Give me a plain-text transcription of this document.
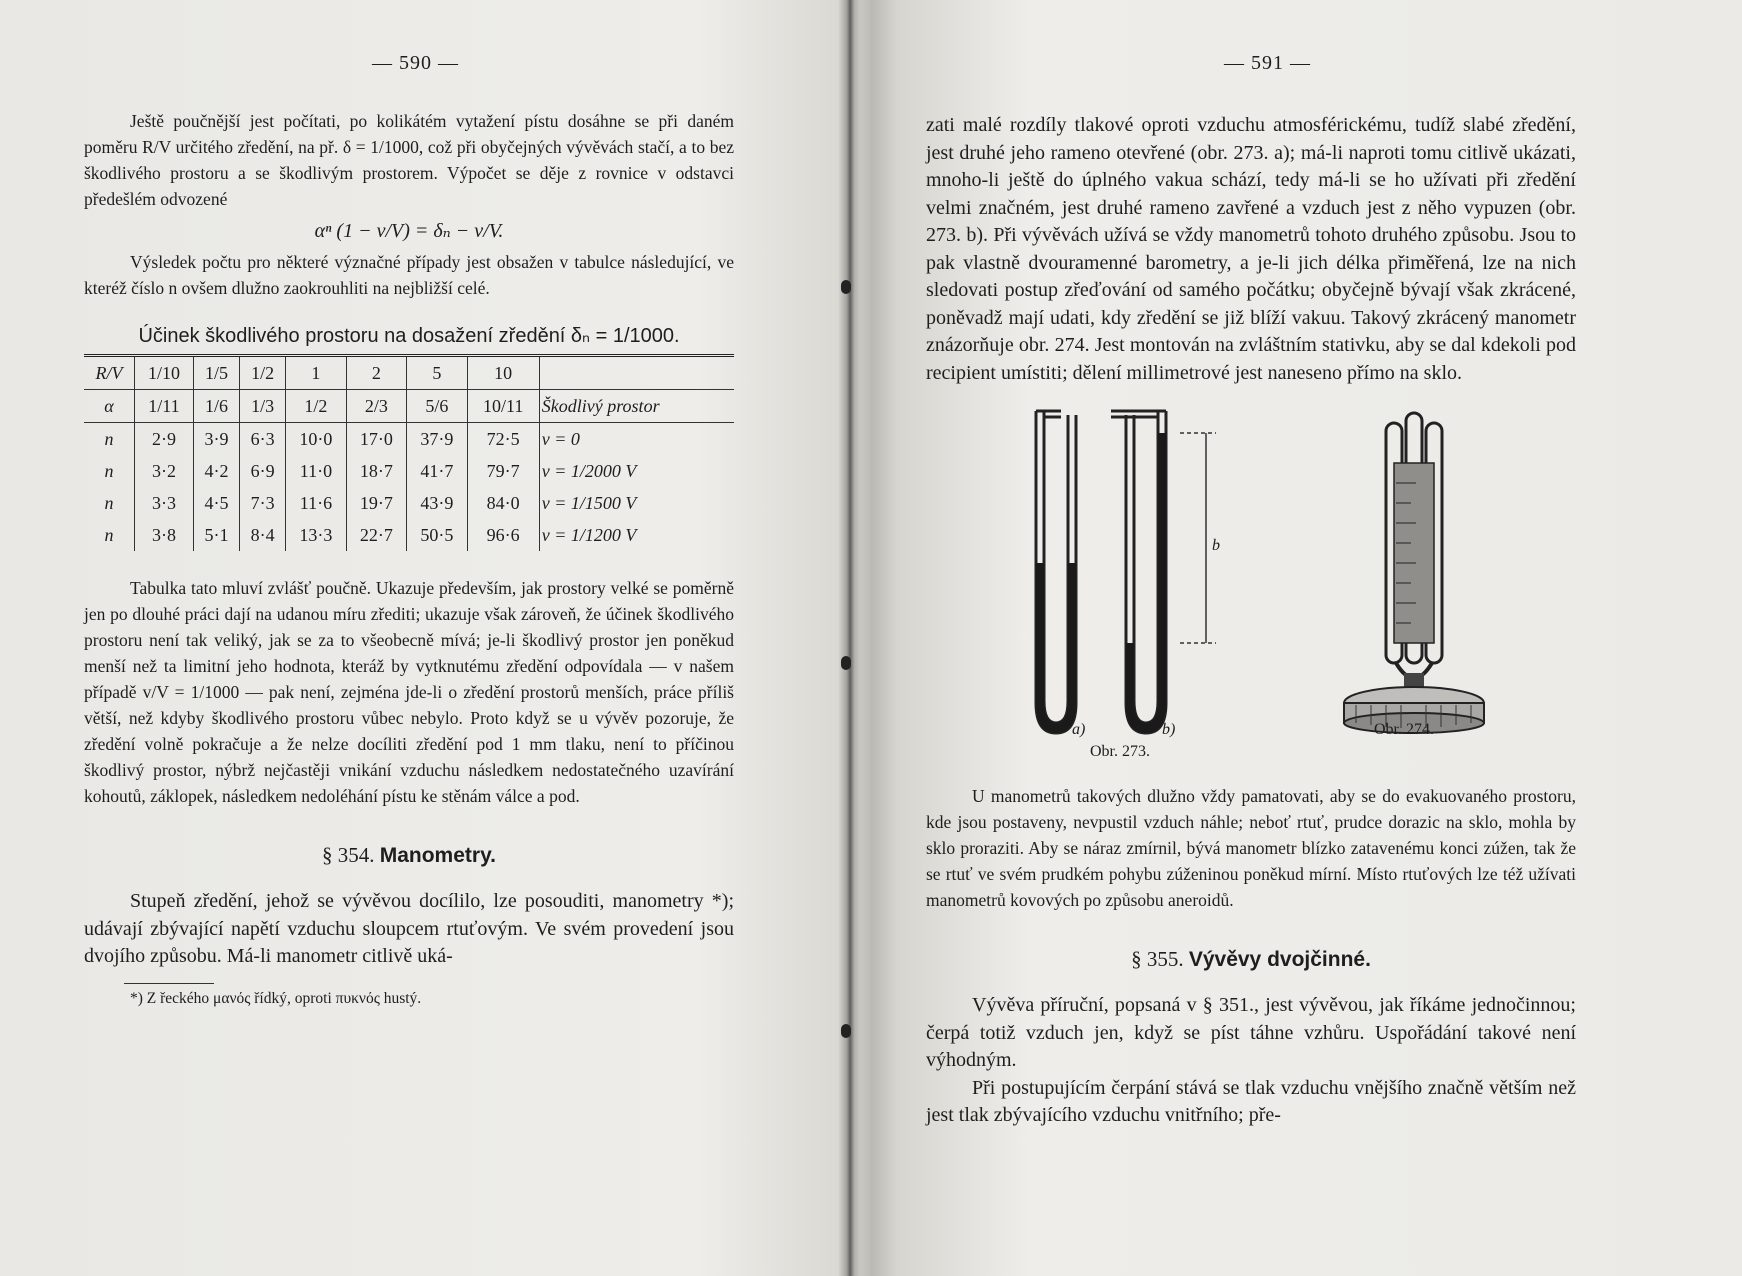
— 590 —

Ještě poučnější jest počítati, po kolikátém vytažení pístu dosáhne se při daném poměru R/V určitého zředění, na př. δ = 1/1000, což při obyčejných vývěvách stačí, a to bez škodlivého prostoru a se škodlivým prostorem. Výpočet se děje z rovnice v odstavci předešlém odvozené

αⁿ (1 − v/V) = δₙ − v/V.

Výsledek počtu pro některé význačné případy jest obsažen v tabulce následující, ve kteréž číslo n ovšem dlužno zaokrouhliti na nejbližší celé.

Účinek škodlivého prostoru na dosažení zředění δₙ = 1/1000.
R/V	1/10	1/5	1/2	1	2	5	10	
α	1/11	1/6	1/3	1/2	2/3	5/6	10/11	Škodlivý prostor
n	2·9	3·9	6·3	10·0	17·0	37·9	72·5	v = 0
n	3·2	4·2	6·9	11·0	18·7	41·7	79·7	v = 1/2000 V
n	3·3	4·5	7·3	11·6	19·7	43·9	84·0	v = 1/1500 V
n	3·8	5·1	8·4	13·3	22·7	50·5	96·6	v = 1/1200 V

Tabulka tato mluví zvlášť poučně. Ukazuje především, jak prostory velké se poměrně jen po dlouhé práci dají na udanou míru zřediti; ukazuje však zároveň, že účinek škodlivého prostoru není tak veliký, jak se za to všeobecně mívá; je-li škodlivý prostor jen poněkud menší než ta limitní jeho hodnota, kteráž by vytknutému zředění odpovídala — v našem případě v/V = 1/1000 — pak není, zejména jde-li o zředění prostorů menších, práce příliš větší, než kdyby škodlivého prostoru vůbec nebylo. Proto když se u vývěv pozoruje, že zředění volně pokračuje a že nelze docíliti zředění pod 1 mm tlaku, není to příčinou škodlivý prostor, nýbrž nejčastěji vnikání vzduchu následkem nedostatečného uzavírání kohoutů, záklopek, následkem nedoléhání pístu ke stěnám válce a pod.

§ 354. Manometry.

Stupeň zředění, jehož se vývěvou docílilo, lze posouditi, manometry *); udávají zbývající napětí vzduchu sloupcem rtuťovým. Ve svém provedení jsou dvojího způsobu. Má-li manometr citlivě uká-

*) Z řeckého μανός řídký, oproti πυκνός hustý.
— 591 —

zati malé rozdíly tlakové oproti vzduchu atmosférickému, tudíž slabé zředění, jest druhé jeho rameno otevřené (obr. 273. a); má-li naproti tomu citlivě ukázati, mnoho-li ještě do úplného vakua schází, tedy má-li se ho užívati při zředění velmi značném, jest druhé rameno zavřené a vzduch jest z něho vypuzen (obr. 273. b). Při vývěvách užívá se vždy manometrů tohoto druhého způsobu. Jsou to pak vlastně dvouramenné barometry, a je-li jich délka přiměřená, lze na nich sledovati postup zřeďování od samého počátku; obyčejně bývají však zkrácené, poněvadž mají udati, kdy zředění se již blíží vakuu. Takový zkrácený manometr znázorňuje obr. 274. Jest montován na zvláštním stativku, aby se dal kdekoli pod recipient umístiti; dělení millimetrové jest naneseno přímo na sklo.

b
a)	b)
Obr. 273.
Obr. 274.

U manometrů takových dlužno vždy pamatovati, aby se do evakuovaného prostoru, kde jsou postaveny, nevpustil vzduch náhle; neboť rtuť, prudce dorazic na sklo, mohla by sklo proraziti. Aby se náraz zmírnil, bývá manometr blízko zatavenému konci zúžen, tak že se rtuť ve svém prudkém pohybu zúženinou poněkud mírní. Místo rtuťových lze též užívati manometrů kovových po způsobu aneroidů.

§ 355. Vývěvy dvojčinné.

Vývěva příruční, popsaná v § 351., jest vývěvou, jak říkáme jednočinnou; čerpá totiž vzduch jen, když se píst táhne vzhůru. Uspořádání takové není výhodným.

Při postupujícím čerpání stává se tlak vzduchu vnějšího značně větším než jest tlak zbývajícího vzduchu vnitřního; pře-
